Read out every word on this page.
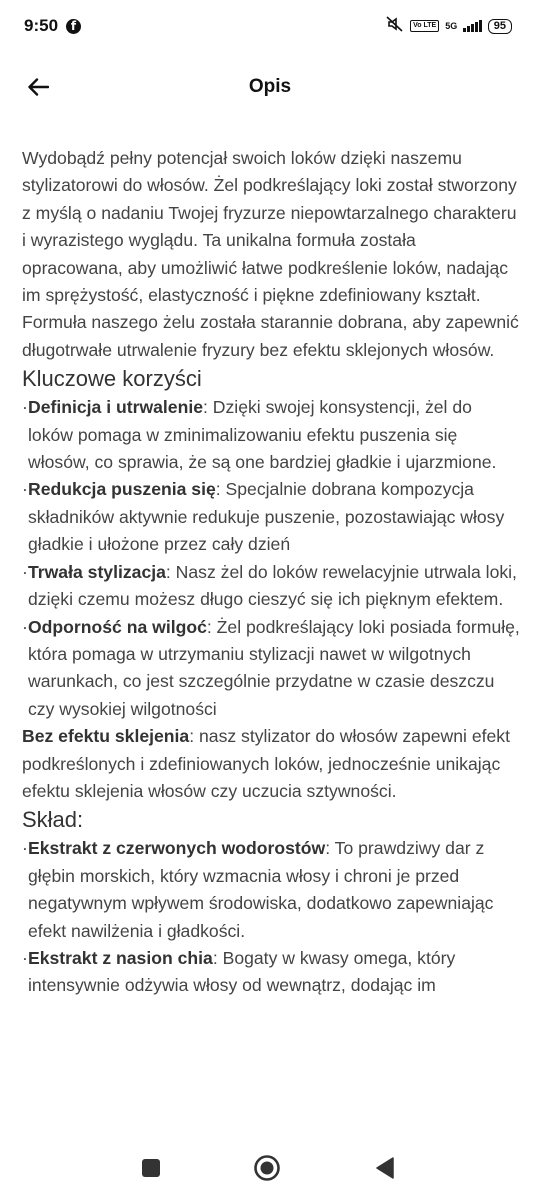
9:50	f	Vo LTE	5G	95
Opis

Wydobądź pełny potencjał swoich loków dzięki naszemu stylizatorowi do włosów. Żel podkreślający loki został stworzony z myślą o nadaniu Twojej fryzurze niepowtarzalnego charakteru i wyrazistego wyglądu. Ta unikalna formuła została opracowana, aby umożliwić łatwe podkreślenie loków, nadając im sprężystość, elastyczność i piękne zdefiniowany kształt. Formuła naszego żelu została starannie dobrana, aby zapewnić długotrwałe utrwalenie fryzury bez efektu sklejonych włosów.

Kluczowe korzyści
· Definicja i utrwalenie: Dzięki swojej konsystencji, żel do loków pomaga w zminimalizowaniu efektu puszenia się włosów, co sprawia, że są one bardziej gładkie i ujarzmione.
· Redukcja puszenia się: Specjalnie dobrana kompozycja składników aktywnie redukuje puszenie, pozostawiając włosy gładkie i ułożone przez cały dzień
· Trwała stylizacja: Nasz żel do loków rewelacyjnie utrwala loki, dzięki czemu możesz długo cieszyć się ich pięknym efektem.
· Odporność na wilgoć: Żel podkreślający loki posiada formułę, która pomaga w utrzymaniu stylizacji nawet w wilgotnych warunkach, co jest szczególnie przydatne w czasie deszczu czy wysokiej wilgotności

Bez efektu sklejenia: nasz stylizator do włosów zapewni efekt podkreślonych i zdefiniowanych loków, jednocześnie unikając efektu sklejenia włosów czy uczucia sztywności.

Skład:
· Ekstrakt z czerwonych wodorostów: To prawdziwy dar z głębin morskich, który wzmacnia włosy i chroni je przed negatywnym wpływem środowiska, dodatkowo zapewniając efekt nawilżenia i gładkości.
· Ekstrakt z nasion chia: Bogaty w kwasy omega, który intensywnie odżywia włosy od wewnątrz, dodając im
